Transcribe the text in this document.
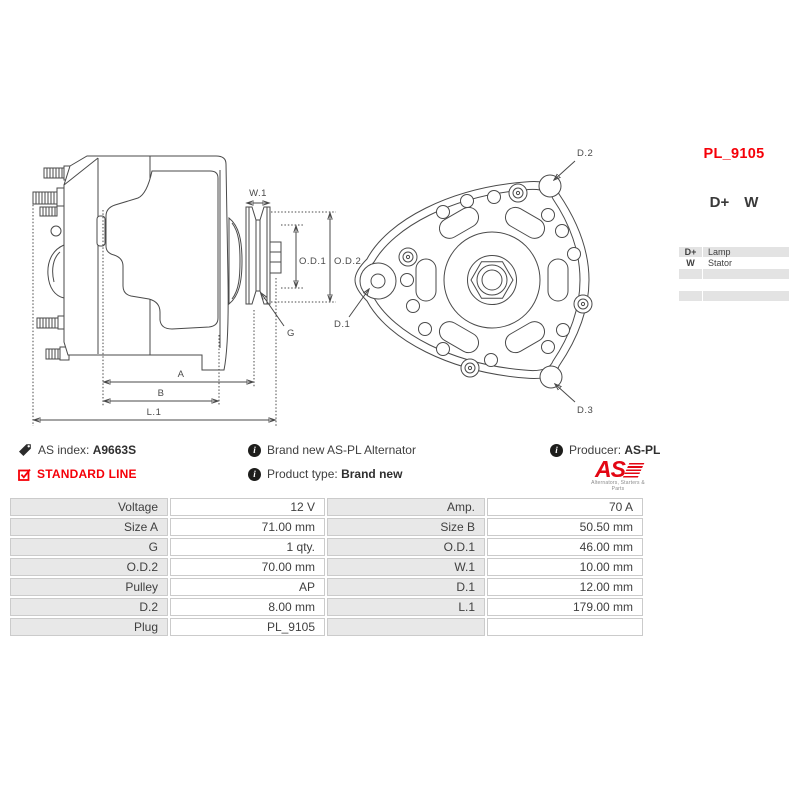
W.1
O.D.1 O.D.2
G
D.1
A
B
L.1
D.2
D.3
PL_9105
D+ W
D+	Lamp
W	Stator

AS index: A9663S	i Brand new AS-PL Alternator	i Producer: AS-PL
STANDARD LINE	i Product type: Brand new	AS
Alternators, Starters & Parts
Voltage	12 V	Amp.	70 A
Size A	71.00 mm	Size B	50.50 mm
G	1 qty.	O.D.1	46.00 mm
O.D.2	70.00 mm	W.1	10.00 mm
Pulley	AP	D.1	12.00 mm
D.2	8.00 mm	L.1	179.00 mm
Plug	PL_9105		
